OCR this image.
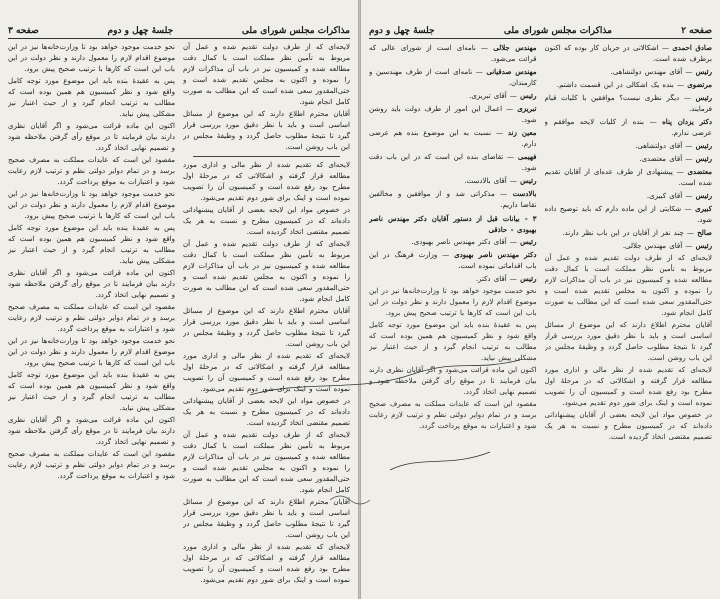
مذاکرات مجلس شورای ملی
جلسهٔ چهل و دوم
صفحه ۳

لایحه‌ای که از طرف دولت تقدیم شده و عمل آن مربوط به تأمین نظر مملکت است با کمال دقت مطالعه شده و کمیسیون نیز در باب آن مذاکرات لازم را نموده و اکنون به مجلس تقدیم شده است و حتی‌المقدور سعی شده است که این مطالب به صورت کامل انجام شود.

آقایان محترم اطلاع دارند که این موضوع از مسائل اساسی است و باید با نظر دقیق مورد بررسی قرار گیرد تا نتیجهٔ مطلوب حاصل گردد و وظیفهٔ مجلس در این باب روشن است.

لایحه‌ای که تقدیم شده از نظر مالی و اداری مورد مطالعه قرار گرفته و اشکالاتی که در مرحلهٔ اول مطرح بود رفع شده است و کمیسیون آن را تصویب نموده است و اینک برای شور دوم تقدیم می‌شود.

در خصوص مواد این لایحه بعضی از آقایان پیشنهاداتی داده‌اند که در کمیسیون مطرح و نسبت به هر یک تصمیم مقتضی اتخاذ گردیده است.

لایحه‌ای که از طرف دولت تقدیم شده و عمل آن مربوط به تأمین نظر مملکت است با کمال دقت مطالعه شده و کمیسیون نیز در باب آن مذاکرات لازم را نموده و اکنون به مجلس تقدیم شده است و حتی‌المقدور سعی شده است که این مطالب به صورت کامل انجام شود.

آقایان محترم اطلاع دارند که این موضوع از مسائل اساسی است و باید با نظر دقیق مورد بررسی قرار گیرد تا نتیجهٔ مطلوب حاصل گردد و وظیفهٔ مجلس در این باب روشن است.

لایحه‌ای که تقدیم شده از نظر مالی و اداری مورد مطالعه قرار گرفته و اشکالاتی که در مرحلهٔ اول مطرح بود رفع شده است و کمیسیون آن را تصویب نموده است و اینک برای شور دوم تقدیم می‌شود.

در خصوص مواد این لایحه بعضی از آقایان پیشنهاداتی داده‌اند که در کمیسیون مطرح و نسبت به هر یک تصمیم مقتضی اتخاذ گردیده است.

لایحه‌ای که از طرف دولت تقدیم شده و عمل آن مربوط به تأمین نظر مملکت است با کمال دقت مطالعه شده و کمیسیون نیز در باب آن مذاکرات لازم را نموده و اکنون به مجلس تقدیم شده است و حتی‌المقدور سعی شده است که این مطالب به صورت کامل انجام شود.

آقایان محترم اطلاع دارند که این موضوع از مسائل اساسی است و باید با نظر دقیق مورد بررسی قرار گیرد تا نتیجهٔ مطلوب حاصل گردد و وظیفهٔ مجلس در این باب روشن است.

لایحه‌ای که تقدیم شده از نظر مالی و اداری مورد مطالعه قرار گرفته و اشکالاتی که در مرحلهٔ اول مطرح بود رفع شده است و کمیسیون آن را تصویب نموده است و اینک برای شور دوم تقدیم می‌شود.

نحو خدمت موجود خواهد بود تا وزارت‌خانه‌ها نیز در این موضوع اقدام لازم را معمول دارند و نظر دولت در این باب این است که کارها با ترتیب صحیح پیش برود.

پس به عقیدهٔ بنده باید این موضوع مورد توجه کامل واقع شود و نظر کمیسیون هم همین بوده است که مطالب به ترتیب انجام گیرد و از حیث اعتبار نیز مشکلی پیش نیاید.

اکنون این ماده قرائت می‌شود و اگر آقایان نظری دارند بیان فرمایند تا در موقع رأی گرفتن ملاحظه شود و تصمیم نهایی اتخاذ گردد.

مقصود این است که عایدات مملکت به مصرف صحیح برسد و در تمام دوایر دولتی نظم و ترتیب لازم رعایت شود و اعتبارات به موقع پرداخت گردد.

نحو خدمت موجود خواهد بود تا وزارت‌خانه‌ها نیز در این موضوع اقدام لازم را معمول دارند و نظر دولت در این باب این است که کارها با ترتیب صحیح پیش برود.

پس به عقیدهٔ بنده باید این موضوع مورد توجه کامل واقع شود و نظر کمیسیون هم همین بوده است که مطالب به ترتیب انجام گیرد و از حیث اعتبار نیز مشکلی پیش نیاید.

اکنون این ماده قرائت می‌شود و اگر آقایان نظری دارند بیان فرمایند تا در موقع رأی گرفتن ملاحظه شود و تصمیم نهایی اتخاذ گردد.

مقصود این است که عایدات مملکت به مصرف صحیح برسد و در تمام دوایر دولتی نظم و ترتیب لازم رعایت شود و اعتبارات به موقع پرداخت گردد.

نحو خدمت موجود خواهد بود تا وزارت‌خانه‌ها نیز در این موضوع اقدام لازم را معمول دارند و نظر دولت در این باب این است که کارها با ترتیب صحیح پیش برود.

پس به عقیدهٔ بنده باید این موضوع مورد توجه کامل واقع شود و نظر کمیسیون هم همین بوده است که مطالب به ترتیب انجام گیرد و از حیث اعتبار نیز مشکلی پیش نیاید.

اکنون این ماده قرائت می‌شود و اگر آقایان نظری دارند بیان فرمایند تا در موقع رأی گرفتن ملاحظه شود و تصمیم نهایی اتخاذ گردد.

مقصود این است که عایدات مملکت به مصرف صحیح برسد و در تمام دوایر دولتی نظم و ترتیب لازم رعایت شود و اعتبارات به موقع پرداخت گردد.

صفحه ۲
مذاکرات مجلس شورای ملی
جلسهٔ چهل و دوم

صادق احمدی — اشکالاتی در جریان کار بوده که اکنون برطرف شده است.

رئیس — آقای مهندس دولتشاهی.

مرتضوی — بنده یک اشکالی در این قسمت داشتم.

رئیس — دیگر نظری نیست؟ موافقین با کلیات قیام فرمایند.

دکتر یزدان پناه — بنده از کلیات لایحه موافقم و عرضی ندارم.

رئیس — آقای دولتشاهی.

رئیس — آقای معتضدی.

معتضدی — پیشنهادی از طرف عده‌ای از آقایان تقدیم شده است.

رئیس — آقای کبیری.

کبیری — شکایتی از این ماده دارم که باید توضیح داده شود.

صالح — چند نفر از آقایان در این باب نظر دارند.

رئیس — آقای مهندس جلالی.

لایحه‌ای که از طرف دولت تقدیم شده و عمل آن مربوط به تأمین نظر مملکت است با کمال دقت مطالعه شده و کمیسیون نیز در باب آن مذاکرات لازم را نموده و اکنون به مجلس تقدیم شده است و حتی‌المقدور سعی شده است که این مطالب به صورت کامل انجام شود.

آقایان محترم اطلاع دارند که این موضوع از مسائل اساسی است و باید با نظر دقیق مورد بررسی قرار گیرد تا نتیجهٔ مطلوب حاصل گردد و وظیفهٔ مجلس در این باب روشن است.

لایحه‌ای که تقدیم شده از نظر مالی و اداری مورد مطالعه قرار گرفته و اشکالاتی که در مرحلهٔ اول مطرح بود رفع شده است و کمیسیون آن را تصویب نموده است و اینک برای شور دوم تقدیم می‌شود.

در خصوص مواد این لایحه بعضی از آقایان پیشنهاداتی داده‌اند که در کمیسیون مطرح و نسبت به هر یک تصمیم مقتضی اتخاذ گردیده است.

مهندس جلالی — نامه‌ای است از شورای عالی که قرائت می‌شود.

مهندس صدقیانی — نامه‌ای است از طرف مهندسین و کارمندان.

رئیس — آقای تبریزی.

تبریزی — اعمال این امور از طرف دولت باید روشن شود.

معین زند — نسبت به این موضوع بنده هم عرضی دارم.

فهیمی — تقاضای بنده این است که در این باب دقت شود.

رئیس — آقای بالادست.

بالادست — مذکراتی شد و از موافقین و مخالفین تقاضا داریم.

۳ - بیانات قبل از دستور آقایان دکتر مهندس ناصر بهبودی - حاذقی

رئیس — آقای دکتر مهندس ناصر بهبودی.

دکتر مهندس ناصر بهبودی — وزارت فرهنگ در این باب اقداماتی نموده است.

رئیس — آقای دکتر.

نحو خدمت موجود خواهد بود تا وزارت‌خانه‌ها نیز در این موضوع اقدام لازم را معمول دارند و نظر دولت در این باب این است که کارها با ترتیب صحیح پیش برود.

پس به عقیدهٔ بنده باید این موضوع مورد توجه کامل واقع شود و نظر کمیسیون هم همین بوده است که مطالب به ترتیب انجام گیرد و از حیث اعتبار نیز مشکلی پیش نیاید.

اکنون این ماده قرائت می‌شود و اگر آقایان نظری دارند بیان فرمایند تا در موقع رأی گرفتن ملاحظه شود و تصمیم نهایی اتخاذ گردد.

مقصود این است که عایدات مملکت به مصرف صحیح برسد و در تمام دوایر دولتی نظم و ترتیب لازم رعایت شود و اعتبارات به موقع پرداخت گردد.
